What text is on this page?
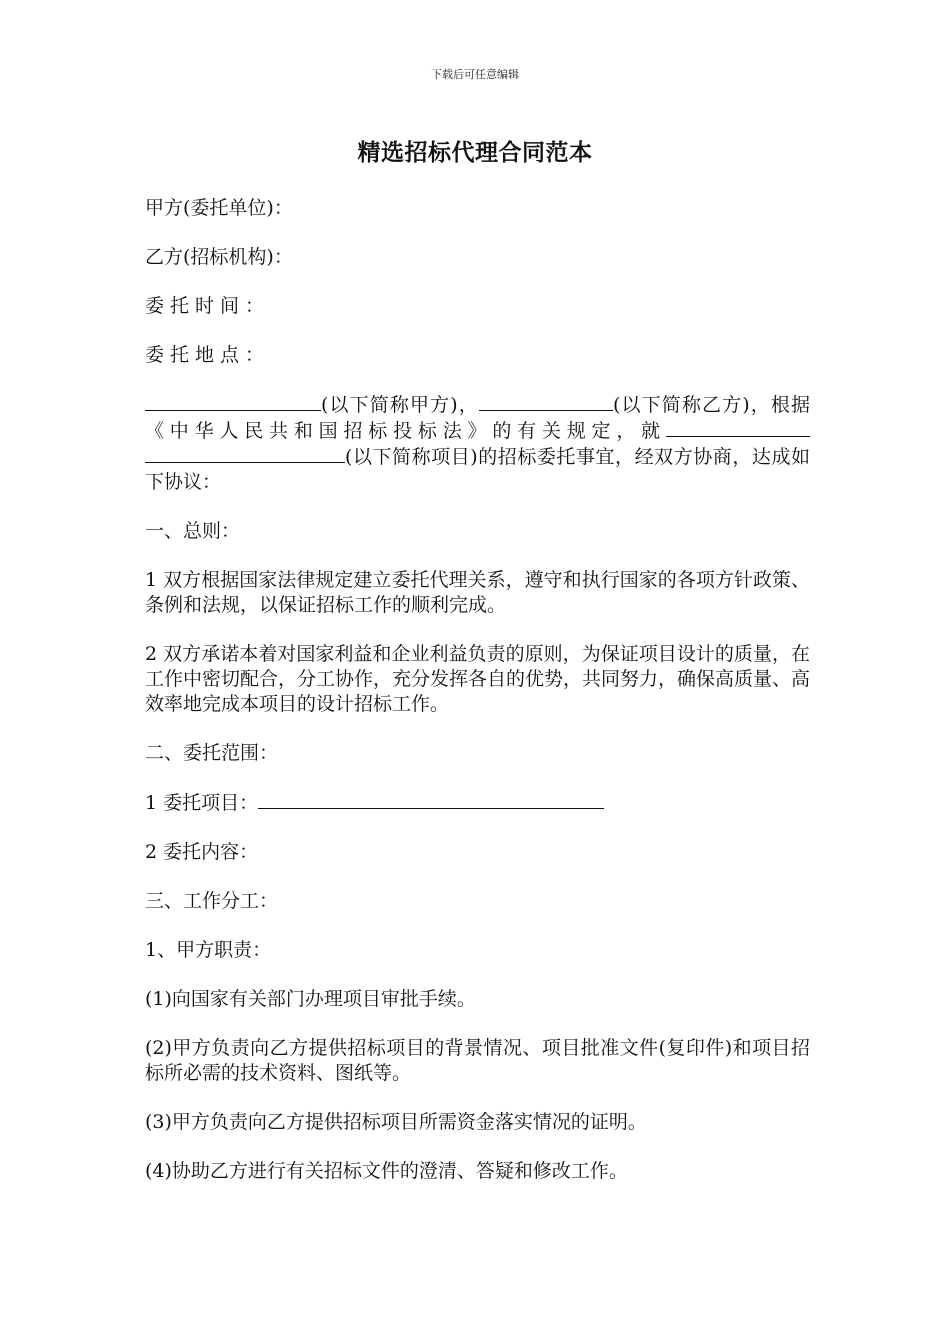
下载后可任意编辑
精选招标代理合同范本

甲方(委托单位)：

乙方(招标机构)：

委托时间：

委托地点：

(以下简称甲方)，	(以下简称乙方)，根据《中华人民共和国招标投标法》的有关规定，就(以下简称项目)的招标委托事宜，经双方协商，达成如下协议：

一、总则：

1 双方根据国家法律规定建立委托代理关系，遵守和执行国家的各项方针政策、条例和法规，以保证招标工作的顺利完成。

2 双方承诺本着对国家利益和企业利益负责的原则，为保证项目设计的质量，在工作中密切配合，分工协作，充分发挥各自的优势，共同努力，确保高质量、高效率地完成本项目的设计招标工作。

二、委托范围：

1 委托项目：

2 委托内容：

三、工作分工：

1、甲方职责：

(1)向国家有关部门办理项目审批手续。

(2)甲方负责向乙方提供招标项目的背景情况、项目批准文件(复印件)和项目招标所必需的技术资料、图纸等。

(3)甲方负责向乙方提供招标项目所需资金落实情况的证明。

(4)协助乙方进行有关招标文件的澄清、答疑和修改工作。
